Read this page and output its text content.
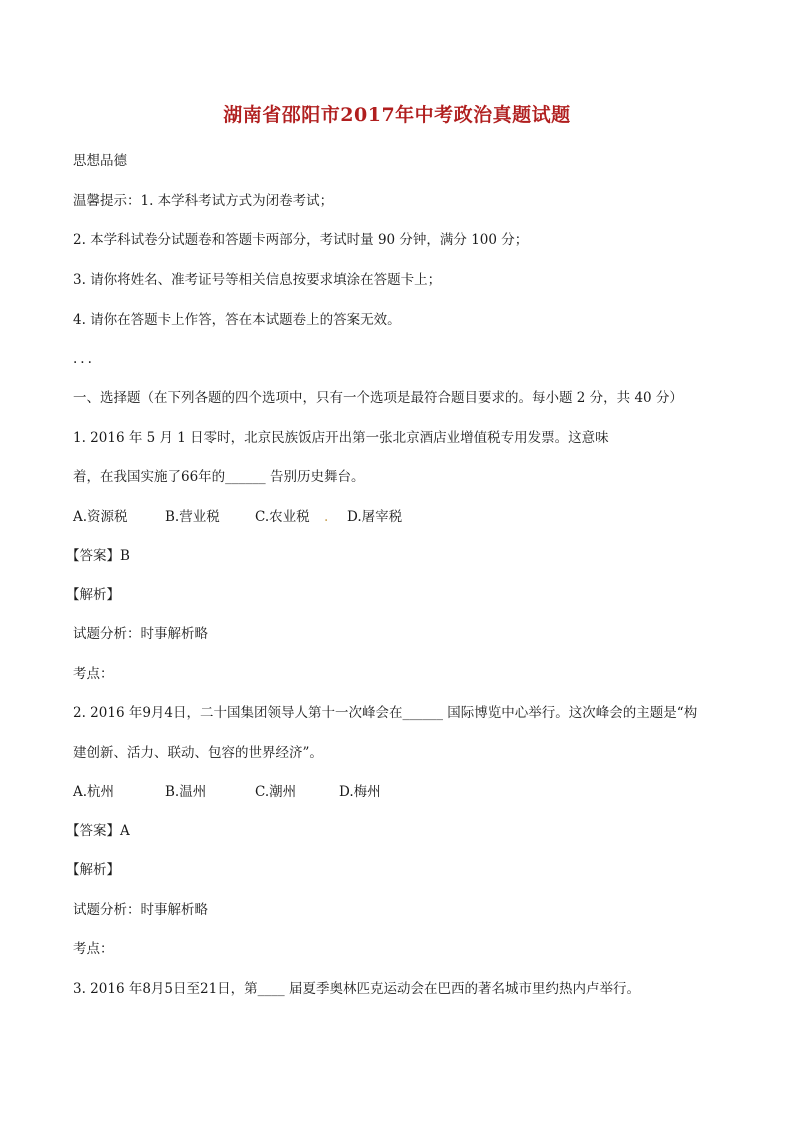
湖南省邵阳市2017年中考政治真题试题
思想品德
温馨提示：1. 本学科考试方式为闭卷考试；
2. 本学科试卷分试题卷和答题卡两部分，考试时量 90 分钟，满分 100 分；
3. 请你将姓名、准考证号等相关信息按要求填涂在答题卡上；
4. 请你在答题卡上作答，答在本试题卷上的答案无效。
...
一、选择题（在下列各题的四个选项中，只有一个选项是最符合题目要求的。每小题 2 分，共 40 分）
1. 2016 年 5 月 1 日零时，北京民族饭店开出第一张北京酒店业增值税专用发票。这意味
着，在我国实施了66年的______ 告别历史舞台。
A.资源税	B.营业税	C.农业税 . D.屠宰税
【答案】B
【解析】
试题分析：时事解析略
考点：
2. 2016 年9月4日，二十国集团领导人第十一次峰会在______ 国际博览中心举行。这次峰会的主题是“构
建创新、活力、联动、包容的世界经济”。
A.杭州	B.温州	C.潮州	D.梅州
【答案】A
【解析】
试题分析：时事解析略
考点：
3. 2016 年8月5日至21日，第____ 届夏季奥林匹克运动会在巴西的著名城市里约热内卢举行。
